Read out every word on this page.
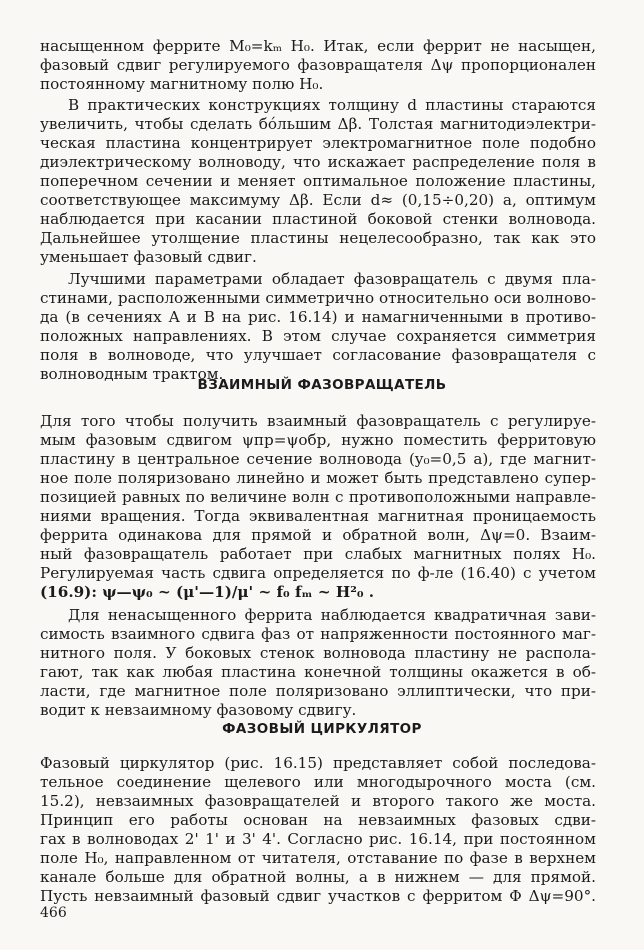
насыщенном феррите M₀=kₘ H₀. Итак, если феррит не насыщен,
фазовый сдвиг регулируемого фазовращателя Δψ пропорционален
постоянному магнитному полю H₀.
В практических конструкциях толщину d пластины стараются
увеличить, чтобы сделать бо́льшим Δβ. Толстая магнитодиэлектри-
ческая пластина концентрирует электромагнитное поле подобно
диэлектрическому волноводу, что искажает распределение поля в
поперечном сечении и меняет оптимальное положение пластины,
соответствующее максимуму Δβ. Если d≈ (0,15÷0,20) a, оптимум
наблюдается при касании пластиной боковой стенки волновода.
Дальнейшее утолщение пластины нецелесообразно, так как это
уменьшает фазовый сдвиг.
Лучшими параметрами обладает фазовращатель с двумя пла-
стинами, расположенными симметрично относительно оси волново-
да (в сечениях A и B на рис. 16.14) и намагниченными в противо-
положных направлениях. В этом случае сохраняется симметрия
поля в волноводе, что улучшает согласование фазовращателя с
волноводным трактом.
ВЗАИМНЫЙ ФАЗОВРАЩАТЕЛЬ
Для того чтобы получить взаимный фазовращатель с регулируе-
мым фазовым сдвигом ψпр=ψобр, нужно поместить ферритовую
пластину в центральное сечение волновода (y₀=0,5 a), где магнит-
ное поле поляризовано линейно и может быть представлено супер-
позицией равных по величине волн с противоположными направле-
ниями вращения. Тогда эквивалентная магнитная проницаемость
феррита одинакова для прямой и обратной волн, Δψ=0. Взаим-
ный фазовращатель работает при слабых магнитных полях H₀.
Регулируемая часть сдвига определяется по ф-ле (16.40) с учетом
(16.9): ψ—ψ₀ ~ (μ'—1)/μ' ~ f₀ fₘ ~ H²₀ .
Для ненасыщенного феррита наблюдается квадратичная зави-
симость взаимного сдвига фаз от напряженности постоянного маг-
нитного поля. У боковых стенок волновода пластину не распола-
гают, так как любая пластина конечной толщины окажется в об-
ласти, где магнитное поле поляризовано эллиптически, что при-
водит к невзаимному фазовому сдвигу.
ФАЗОВЫЙ ЦИРКУЛЯТОР
Фазовый циркулятор (рис. 16.15) представляет собой последова-
тельное соединение щелевого или многодырочного моста (см.
15.2), невзаимных фазовращателей и второго такого же моста.
Принцип его работы основан на невзаимных фазовых сдви-
гах в волноводах 2' 1' и 3' 4'. Согласно рис. 16.14, при постоянном
поле H₀, направленном от читателя, отставание по фазе в верхнем
канале больше для обратной волны, а в нижнем — для прямой.
Пусть невзаимный фазовый сдвиг участков с ферритом Φ Δψ=90°.
466
